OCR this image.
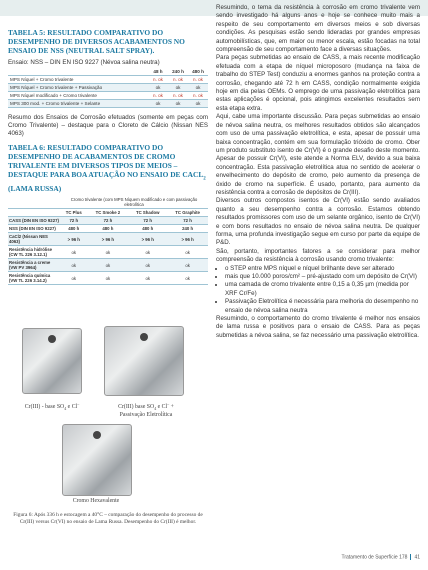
TABELA 5: RESULTADO COMPARATIVO DO DESEMPENHO DE DIVERSOS ACABAMENTOS NO ENSAIO DE NSS (NEUTRAL SALT SPRAY).
Ensaio: NSS – DIN EN ISO 9227 (Névoa salina neutra)
	48 h	240 h	480 h
MPS Níquel + Cromo trivalente	n. ok	n. ok	n. ok
MPS Níquel + Cromo trivalente + Passivação	ok	ok	ok
MPS Níquel modificado + Cromo trivalente	n. ok	n. ok	n. ok
MPS 300 mod. + Cromo trivalente + Selante	ok	ok	ok

Resumo dos Ensaios de Corrosão efetuados (somente em peças com Cromo Trivalente) – destaque para o Cloreto de Cálcio (Nissan NES 4063)

TABELA 6: RESULTADO COMPARATIVO DO DESEMPENHO DE ACABAMENTOS DE CROMO TRIVALENTE EM DIVERSOS TIPOS DE MEIOS – DESTAQUE PARA BOA ATUAÇÃO NO ENSAIO DE $CACL_2$ (LAMA RUSSA)
	Cromo trivalente (com MPS Níquem modificado e com passivação eletrolítica			
	TC Plus	TC Smoke 2	TC Shadow	TC Graphite
CASS (DIN EN ISO 9227)	72 h	72 h	72 h	72 h
NSS (DIN EN ISO 9227)	480 h	480 h	480 h	240 h
CaCl2 (Nissan NES 4063)	> 96 h	> 96 h	> 96 h	> 96 h
Resistência hidrólise (CW TL 226 3.12.1)	ok	ok	ok	ok
Resistência a creme (VW PV 3964)	ok	ok	ok	ok
Resistência química (VW TL 226 3.14.2)	ok	ok	ok	ok
Cr(III) - base $SO_4$ e Cl–
Cr(III) base $SO_4$ e Cl– +
Passivação Eletrolítica
Cromo Hexavalente
Figura 6: Após 336 h e estocagem a 40°C – comparação do desempenho do processo de Cr(III) versus Cr(VI) no ensaio de Lama Russa. Desempenho do Cr(III) é melhor.

Resumindo, o tema da resistência à corrosão em cromo trivalente vem sendo investigado há alguns anos e hoje se conhece muito mais a respeito de seu comportamento em diversos meios e sob diversas condições. As pesquisas estão sendo lideradas por grandes empresas automobilísticas, que, em maior ou menor escala, estão focadas na total compreensão de seu comportamento face a diversas situações.

Para peças submetidas ao ensaio de CASS, a mais recente modificação efetuada com a etapa de níquel microposoro (mudança na faixa de trabalho do STEP Test) conduziu a enormes ganhos na proteção contra a corrosão, chegando até 72 h em CASS, condição normalmente exigida hoje em dia pelas OEMs. O emprego de uma passivação eletrolítica para estas aplicações é opcional, pois atingimos excelentes resultados sem esta etapa extra.

Aqui, cabe uma importante discussão. Para peças submetidas ao ensaio de névoa salina neutra, os melhores resultados obtidos são alcançados com uso de uma passivação eletrolítica, e esta, apesar de possuir uma baixa concentração, contém em sua formulação trióxido de cromo. Ober um produto substituto isento de Cr(VI) é o grande desafio deste momento. Apesar de possuir Cr(VI), este atende a Norma ELV, devido a sua baixa concentração. Esta passivação eletrolítica atua no sentido de acelerar o envelhecimento do depósito de cromo, pelo aumento da presença de óxido de cromo na superfície. É usado, portanto, para aumento da resistência contra a corrosão de depósitos de Cr(III).

Diversos outros compostos isentos de Cr(VI) estão sendo avaliados quanto a seu desempenho contra a corrosão. Estamos obtendo resultados promissores com uso de um selante orgânico, isento de Cr(VI) e com bons resultados no ensaio de névoa salina neutra. De qualquer forma, uma profunda investigação segue em curso por parte da equipe de P&D.

São, portanto, importantes fatores a se considerar para melhor compreensão da resistência à corrosão usando cromo trivalente:

• o STEP entre MPS níquel e níquel brilhante deve ser alterado
• mais que 10.000 poros/cm² – pré-ajustado com um depósito de Cr(VI)
• uma camada de cromo trivalente entre 0,15 a 0,35 µm (medida por XRF Cr/Fe)
• Passivação Eletrolítica é necessária para melhoria do desempenho no ensaio de névoa salina neutra

Resumindo, o comportamento do cromo trivalente é melhor nos ensaios de lama russa e positivos para o ensaio de CASS. Para as peças submetidas a névoa salina, se faz necessário uma passivação eletrolítica.

Tratamento de Superfície 178 41
